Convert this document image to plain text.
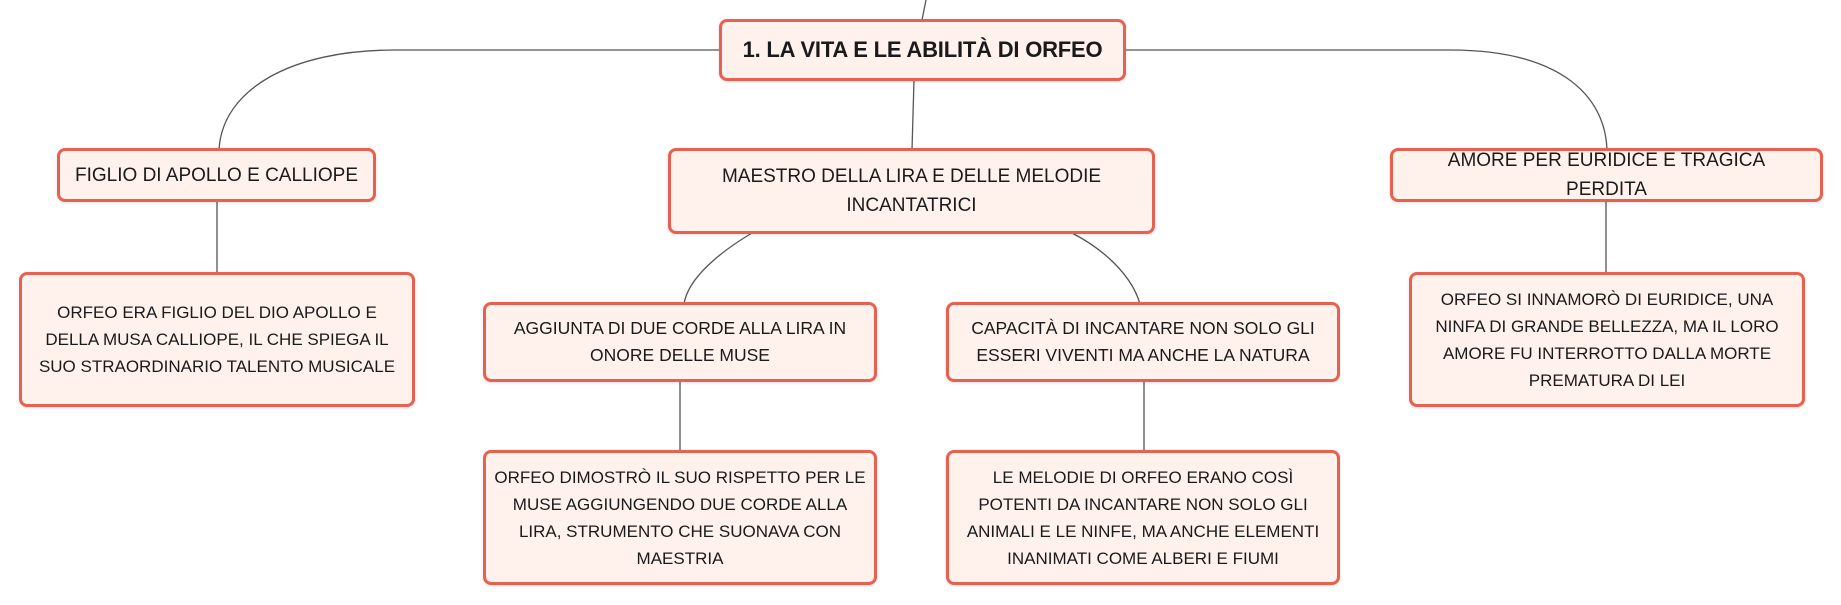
1. LA VITA E LE ABILITÀ DI ORFEO
FIGLIO DI APOLLO E CALLIOPE	MAESTRO DELLA LIRA E DELLE MELODIE INCANTATRICI
AMORE PER EURIDICE E TRAGICA PERDITA
ORFEO ERA FIGLIO DEL DIO APOLLO E DELLA MUSA CALLIOPE, IL CHE SPIEGA IL SUO STRAORDINARIO TALENTO MUSICALE
AGGIUNTA DI DUE CORDE ALLA LIRA IN ONORE DELLE MUSE
CAPACITÀ DI INCANTARE NON SOLO GLI ESSERI VIVENTI MA ANCHE LA NATURA
ORFEO SI INNAMORÒ DI EURIDICE, UNA NINFA DI GRANDE BELLEZZA, MA IL LORO AMORE FU INTERROTTO DALLA MORTE PREMATURA DI LEI
ORFEO DIMOSTRÒ IL SUO RISPETTO PER LE MUSE AGGIUNGENDO DUE CORDE ALLA LIRA, STRUMENTO CHE SUONAVA CON MAESTRIA
LE MELODIE DI ORFEO ERANO COSÌ POTENTI DA INCANTARE NON SOLO GLI ANIMALI E LE NINFE, MA ANCHE ELEMENTI INANIMATI COME ALBERI E FIUMI
